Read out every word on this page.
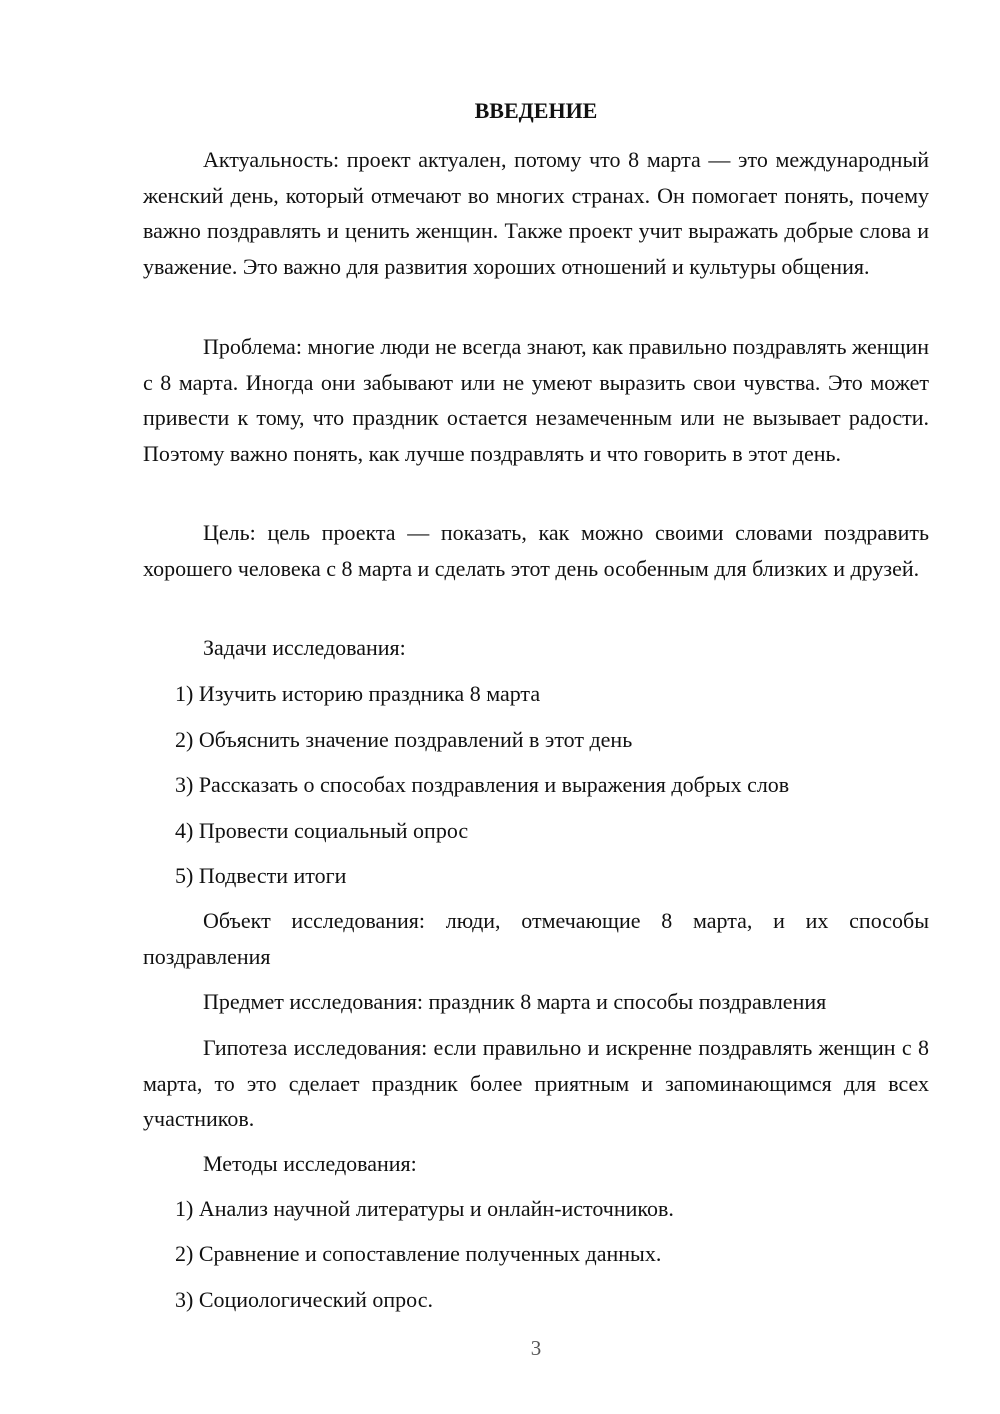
ВВЕДЕНИЕ
Актуальность: проект актуален, потому что 8 марта — это международный женский день, который отмечают во многих странах. Он помогает понять, почему важно поздравлять и ценить женщин. Также проект учит выражать добрые слова и уважение. Это важно для развития хороших отношений и культуры общения.
Проблема: многие люди не всегда знают, как правильно поздравлять женщин с 8 марта. Иногда они забывают или не умеют выразить свои чувства. Это может привести к тому, что праздник остается незамеченным или не вызывает радости. Поэтому важно понять, как лучше поздравлять и что говорить в этот день.
Цель: цель проекта — показать, как можно своими словами поздравить хорошего человека с 8 марта и сделать этот день особенным для близких и друзей.
Задачи исследования:
1) Изучить историю праздника 8 марта
2) Объяснить значение поздравлений в этот день
3) Рассказать о способах поздравления и выражения добрых слов
4) Провести социальный опрос
5) Подвести итоги
Объект исследования: люди, отмечающие 8 марта, и их способы поздравления
Предмет исследования: праздник 8 марта и способы поздравления
Гипотеза исследования: если правильно и искренне поздравлять женщин с 8 марта, то это сделает праздник более приятным и запоминающимся для всех участников.
Методы исследования:
1) Анализ научной литературы и онлайн-источников.
2) Сравнение и сопоставление полученных данных.
3) Социологический опрос.
3
